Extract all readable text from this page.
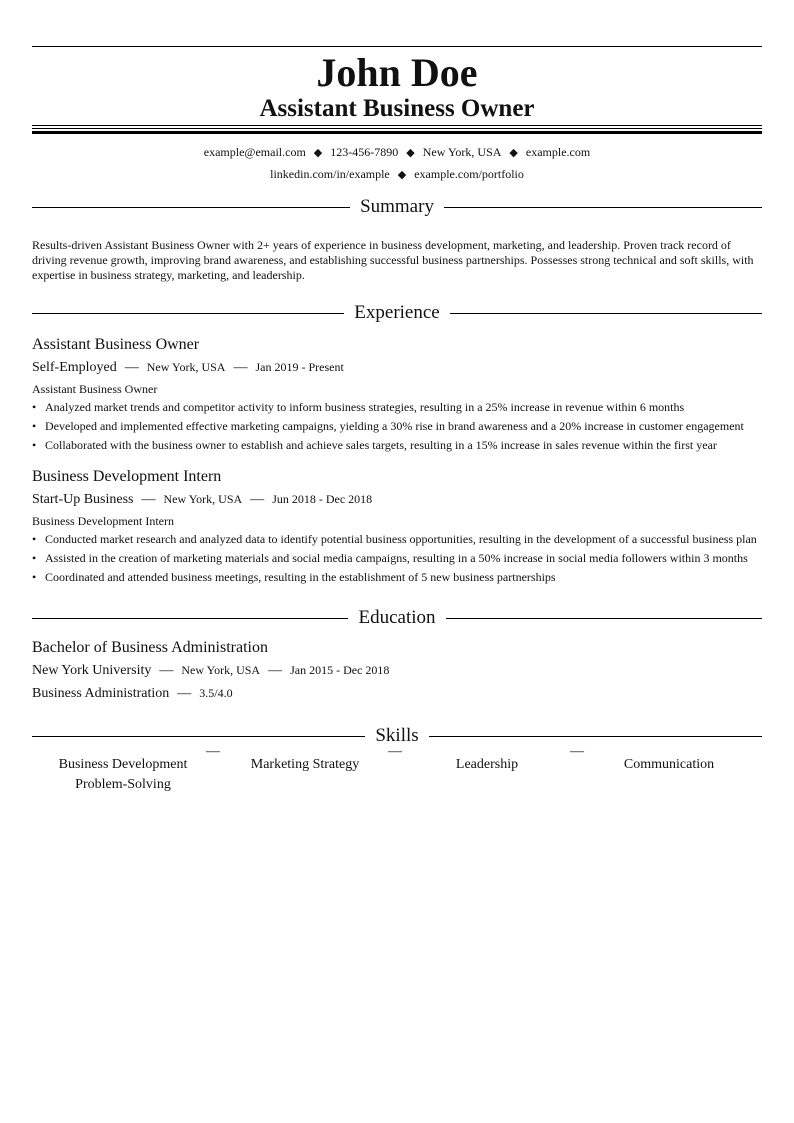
John Doe
Assistant Business Owner
example@email.com ◆ 123-456-7890 ◆ New York, USA ◆ example.com
linkedin.com/in/example ◆ example.com/portfolio
Summary
Results-driven Assistant Business Owner with 2+ years of experience in business development, marketing, and leadership. Proven track record of driving revenue growth, improving brand awareness, and establishing successful business partnerships. Possesses strong technical and soft skills, with expertise in business strategy, marketing, and leadership.
Experience
Assistant Business Owner
Self-Employed — New York, USA — Jan 2019 - Present
Assistant Business Owner
• Analyzed market trends and competitor activity to inform business strategies, resulting in a 25% increase in revenue within 6 months
• Developed and implemented effective marketing campaigns, yielding a 30% rise in brand awareness and a 20% increase in customer engagement
• Collaborated with the business owner to establish and achieve sales targets, resulting in a 15% increase in sales revenue within the first year
Business Development Intern
Start-Up Business — New York, USA — Jun 2018 - Dec 2018
Business Development Intern
• Conducted market research and analyzed data to identify potential business opportunities, resulting in the development of a successful business plan
• Assisted in the creation of marketing materials and social media campaigns, resulting in a 50% increase in social media followers within 3 months
• Coordinated and attended business meetings, resulting in the establishment of 5 new business partnerships
Education
Bachelor of Business Administration
New York University — New York, USA — Jan 2015 - Dec 2018
Business Administration — 3.5/4.0
Skills
Business Development
—
Marketing Strategy
—
Leadership
—
Communication
Problem-Solving
